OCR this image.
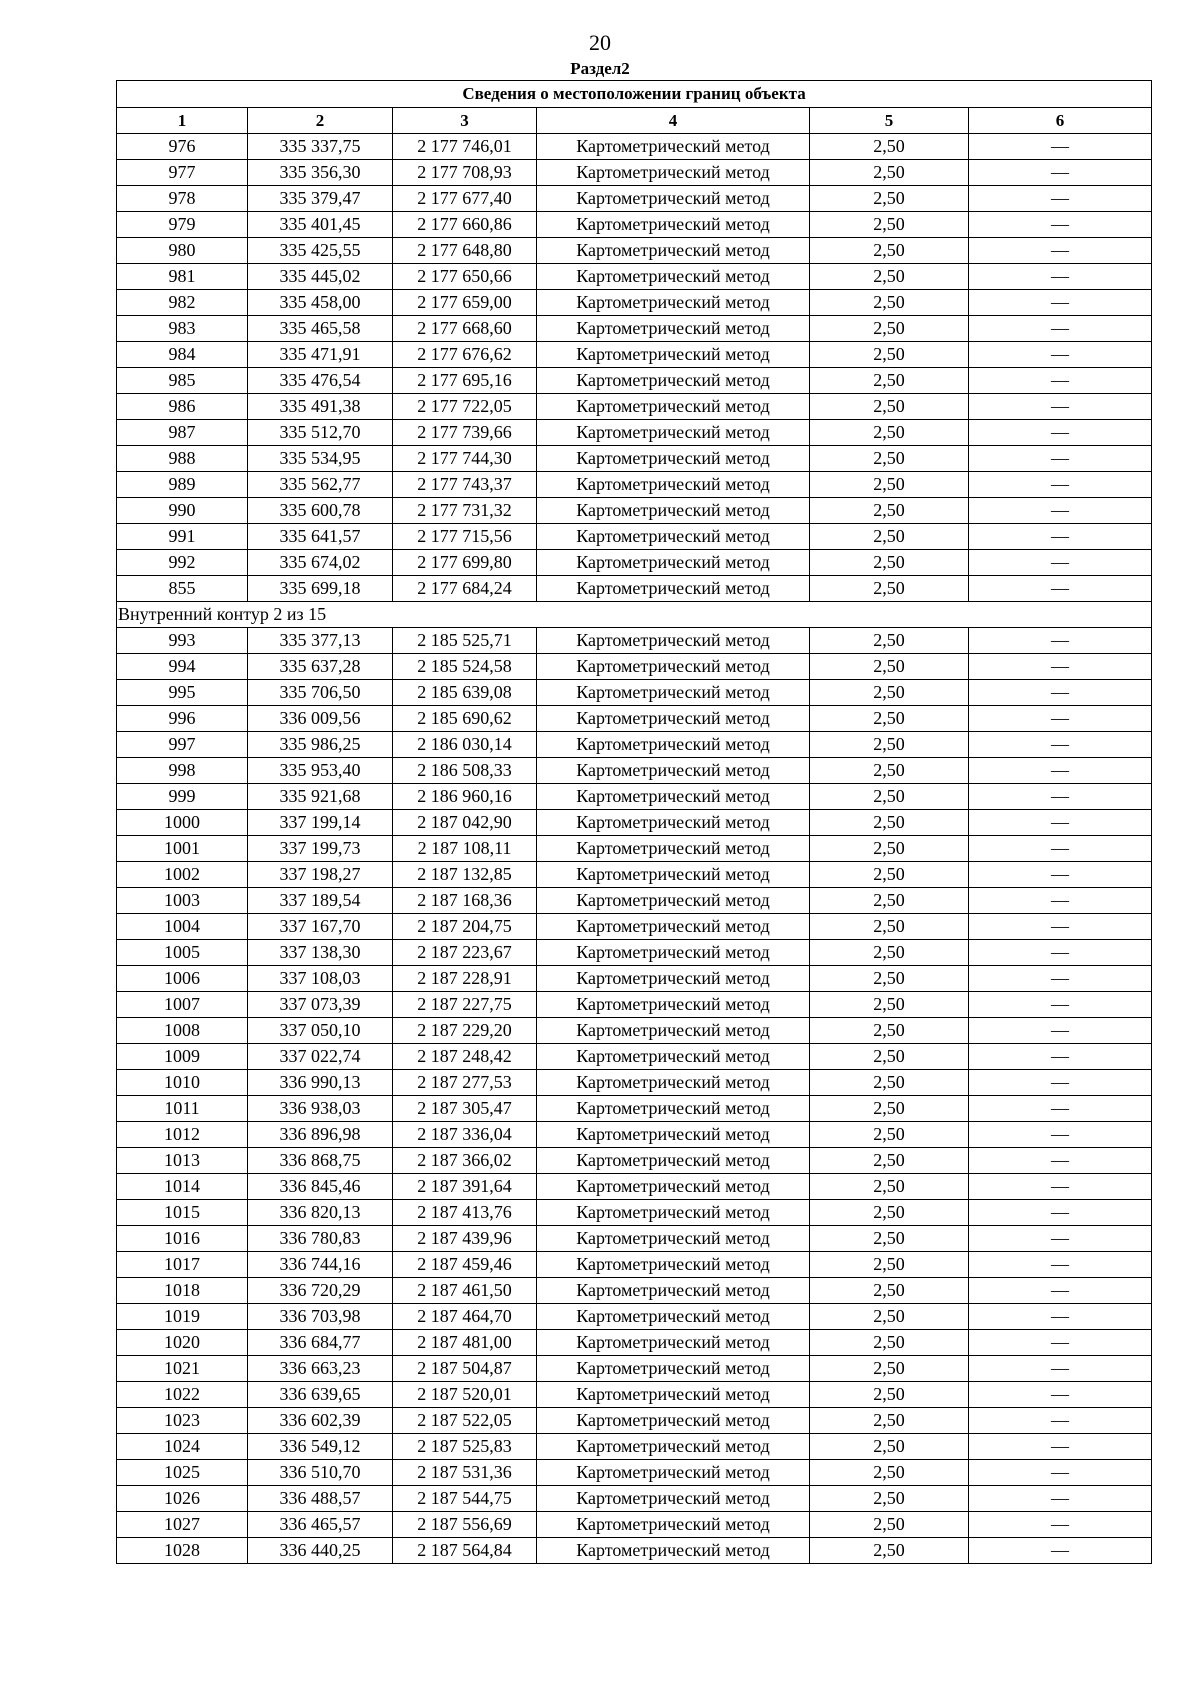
20
Раздел2
Сведения о местоположении границ объекта					
1	2	3	4	5	6
976	335 337,75	2 177 746,01	Картометрический метод	2,50	—
977	335 356,30	2 177 708,93	Картометрический метод	2,50	—
978	335 379,47	2 177 677,40	Картометрический метод	2,50	—
979	335 401,45	2 177 660,86	Картометрический метод	2,50	—
980	335 425,55	2 177 648,80	Картометрический метод	2,50	—
981	335 445,02	2 177 650,66	Картометрический метод	2,50	—
982	335 458,00	2 177 659,00	Картометрический метод	2,50	—
983	335 465,58	2 177 668,60	Картометрический метод	2,50	—
984	335 471,91	2 177 676,62	Картометрический метод	2,50	—
985	335 476,54	2 177 695,16	Картометрический метод	2,50	—
986	335 491,38	2 177 722,05	Картометрический метод	2,50	—
987	335 512,70	2 177 739,66	Картометрический метод	2,50	—
988	335 534,95	2 177 744,30	Картометрический метод	2,50	—
989	335 562,77	2 177 743,37	Картометрический метод	2,50	—
990	335 600,78	2 177 731,32	Картометрический метод	2,50	—
991	335 641,57	2 177 715,56	Картометрический метод	2,50	—
992	335 674,02	2 177 699,80	Картометрический метод	2,50	—
855	335 699,18	2 177 684,24	Картометрический метод	2,50	—
Внутренний контур 2 из 15					
993	335 377,13	2 185 525,71	Картометрический метод	2,50	—
994	335 637,28	2 185 524,58	Картометрический метод	2,50	—
995	335 706,50	2 185 639,08	Картометрический метод	2,50	—
996	336 009,56	2 185 690,62	Картометрический метод	2,50	—
997	335 986,25	2 186 030,14	Картометрический метод	2,50	—
998	335 953,40	2 186 508,33	Картометрический метод	2,50	—
999	335 921,68	2 186 960,16	Картометрический метод	2,50	—
1000	337 199,14	2 187 042,90	Картометрический метод	2,50	—
1001	337 199,73	2 187 108,11	Картометрический метод	2,50	—
1002	337 198,27	2 187 132,85	Картометрический метод	2,50	—
1003	337 189,54	2 187 168,36	Картометрический метод	2,50	—
1004	337 167,70	2 187 204,75	Картометрический метод	2,50	—
1005	337 138,30	2 187 223,67	Картометрический метод	2,50	—
1006	337 108,03	2 187 228,91	Картометрический метод	2,50	—
1007	337 073,39	2 187 227,75	Картометрический метод	2,50	—
1008	337 050,10	2 187 229,20	Картометрический метод	2,50	—
1009	337 022,74	2 187 248,42	Картометрический метод	2,50	—
1010	336 990,13	2 187 277,53	Картометрический метод	2,50	—
1011	336 938,03	2 187 305,47	Картометрический метод	2,50	—
1012	336 896,98	2 187 336,04	Картометрический метод	2,50	—
1013	336 868,75	2 187 366,02	Картометрический метод	2,50	—
1014	336 845,46	2 187 391,64	Картометрический метод	2,50	—
1015	336 820,13	2 187 413,76	Картометрический метод	2,50	—
1016	336 780,83	2 187 439,96	Картометрический метод	2,50	—
1017	336 744,16	2 187 459,46	Картометрический метод	2,50	—
1018	336 720,29	2 187 461,50	Картометрический метод	2,50	—
1019	336 703,98	2 187 464,70	Картометрический метод	2,50	—
1020	336 684,77	2 187 481,00	Картометрический метод	2,50	—
1021	336 663,23	2 187 504,87	Картометрический метод	2,50	—
1022	336 639,65	2 187 520,01	Картометрический метод	2,50	—
1023	336 602,39	2 187 522,05	Картометрический метод	2,50	—
1024	336 549,12	2 187 525,83	Картометрический метод	2,50	—
1025	336 510,70	2 187 531,36	Картометрический метод	2,50	—
1026	336 488,57	2 187 544,75	Картометрический метод	2,50	—
1027	336 465,57	2 187 556,69	Картометрический метод	2,50	—
1028	336 440,25	2 187 564,84	Картометрический метод	2,50	—
